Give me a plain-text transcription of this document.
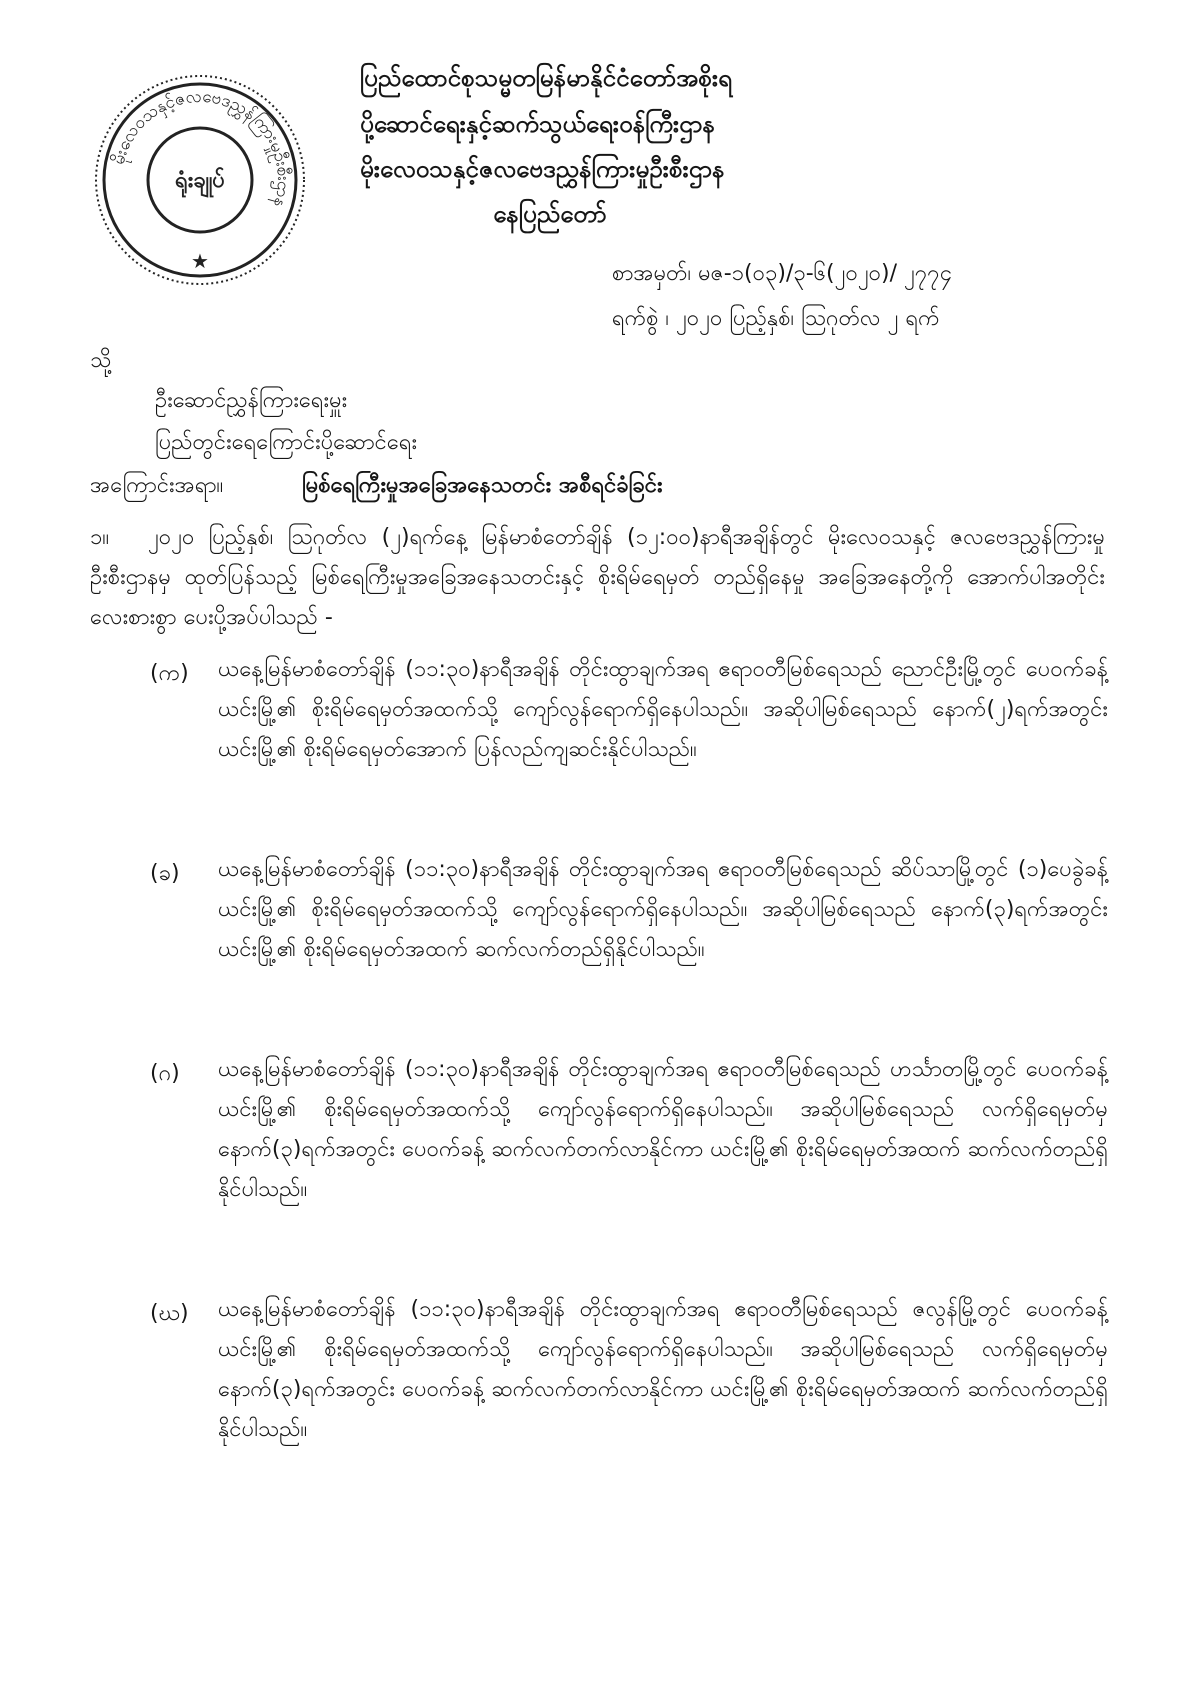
မိုးလေဝသနှင့်ဇလဗေဒညွှန်ကြားမှုဦးစီးဌာန
ရုံးချုပ်
★
ပြည်ထောင်စုသမ္မတမြန်မာနိုင်ငံတော်အစိုးရ
ပို့ဆောင်ရေးနှင့်ဆက်သွယ်ရေးဝန်ကြီးဌာန
မိုးလေဝသနှင့်ဇလဗေဒညွှန်ကြားမှုဦးစီးဌာန
နေပြည်တော်
စာအမှတ်၊ မဇ-၁(၀၃)/၃-၆(၂၀၂၀)/ ၂၇၇၄
ရက်စွဲ ၊ ၂၀၂၀ ပြည့်နှစ်၊ ဩဂုတ်လ ၂ ရက်
သို့
ဦးဆောင်ညွှန်ကြားရေးမှူး
ပြည်တွင်းရေကြောင်းပို့ဆောင်ရေး
အကြောင်းအရာ။	မြစ်ရေကြီးမှုအခြေအနေသတင်း အစီရင်ခံခြင်း
၁။	၂၀၂၀ ပြည့်နှစ်၊ ဩဂုတ်လ (၂)ရက်နေ့ မြန်မာစံတော်ချိန် (၁၂:၀၀)နာရီအချိန်တွင် မိုးလေဝသနှင့် ဇလဗေဒညွှန်ကြားမှုဦးစီးဌာနမှ ထုတ်ပြန်သည့် မြစ်ရေကြီးမှုအခြေအနေသတင်းနှင့် စိုးရိမ်ရေမှတ် တည်ရှိနေမှု အခြေအနေတို့ကို အောက်ပါအတိုင်း လေးစားစွာ ပေးပို့အပ်ပါသည် -
(က) ယနေ့မြန်မာစံတော်ချိန် (၁၁:၃၀)နာရီအချိန် တိုင်းထွာချက်အရ ဧရာဝတီမြစ်ရေသည် ညောင်ဦးမြို့တွင် ပေ၀က်ခန့် ယင်းမြို့၏ စိုးရိမ်ရေမှတ်အထက်သို့ ကျော်လွန်ရောက်ရှိနေပါသည်။ အဆိုပါမြစ်ရေသည် နောက်(၂)ရက်အတွင်း ယင်းမြို့၏ စိုးရိမ်ရေမှတ်အောက် ပြန်လည်ကျဆင်းနိုင်ပါသည်။
(ခ) ယနေ့မြန်မာစံတော်ချိန် (၁၁:၃၀)နာရီအချိန် တိုင်းထွာချက်အရ ဧရာဝတီမြစ်ရေသည် ဆိပ်သာမြို့တွင် (၁)ပေခွဲခန့် ယင်းမြို့၏ စိုးရိမ်ရေမှတ်အထက်သို့ ကျော်လွန်ရောက်ရှိနေပါသည်။ အဆိုပါမြစ်ရေသည် နောက်(၃)ရက်အတွင်း ယင်းမြို့၏ စိုးရိမ်ရေမှတ်အထက် ဆက်လက်တည်ရှိနိုင်ပါသည်။
(ဂ) ယနေ့မြန်မာစံတော်ချိန် (၁၁:၃၀)နာရီအချိန် တိုင်းထွာချက်အရ ဧရာဝတီမြစ်ရေသည် ဟင်္သာတမြို့တွင် ပေ၀က်ခန့် ယင်းမြို့၏ စိုးရိမ်ရေမှတ်အထက်သို့ ကျော်လွန်ရောက်ရှိနေပါသည်။ အဆိုပါမြစ်ရေသည် လက်ရှိရေမှတ်မှ နောက်(၃)ရက်အတွင်း ပေ၀က်ခန့် ဆက်လက်တက်လာနိုင်ကာ ယင်းမြို့၏ စိုးရိမ်ရေမှတ်အထက် ဆက်လက်တည်ရှိနိုင်ပါသည်။
(ဃ) ယနေ့မြန်မာစံတော်ချိန် (၁၁:၃၀)နာရီအချိန် တိုင်းထွာချက်အရ ဧရာဝတီမြစ်ရေသည် ဇလွန်မြို့တွင် ပေ၀က်ခန့် ယင်းမြို့၏ စိုးရိမ်ရေမှတ်အထက်သို့ ကျော်လွန်ရောက်ရှိနေပါသည်။ အဆိုပါမြစ်ရေသည် လက်ရှိရေမှတ်မှ နောက်(၃)ရက်အတွင်း ပေ၀က်ခန့် ဆက်လက်တက်လာနိုင်ကာ ယင်းမြို့၏ စိုးရိမ်ရေမှတ်အထက် ဆက်လက်တည်ရှိနိုင်ပါသည်။
